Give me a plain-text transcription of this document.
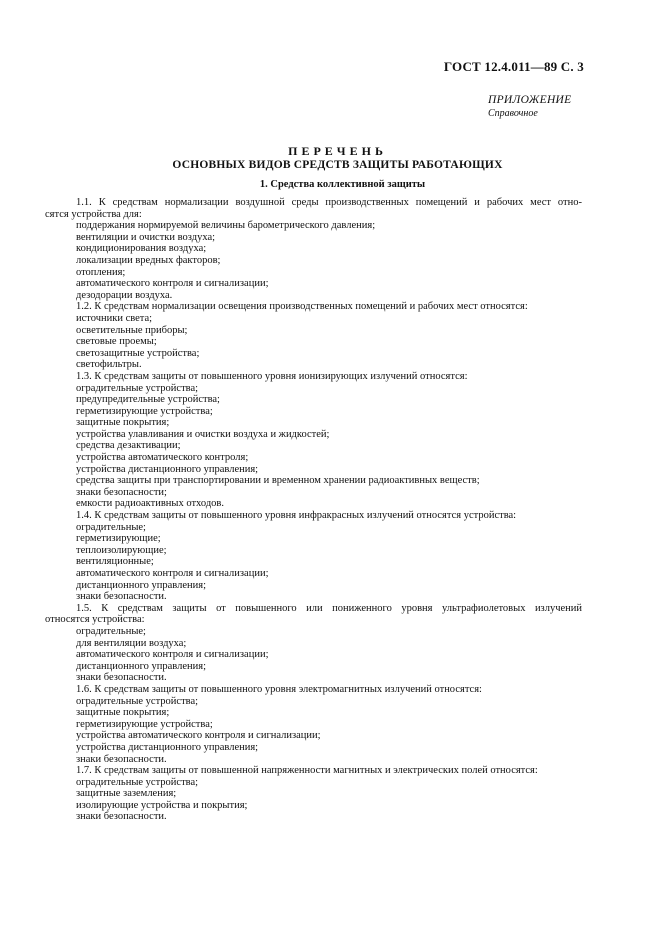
ГОСТ 12.4.011—89 С. 3
ПРИЛОЖЕНИЕ
Справочное
ПЕРЕЧЕНЬ
ОСНОВНЫХ ВИДОВ СРЕДСТВ ЗАЩИТЫ РАБОТАЮЩИХ
1. Средства коллективной защиты
1.1. К средствам нормализации воздушной среды производственных помещений и рабочих мест отно-
сятся устройства для:
поддержания нормируемой величины барометрического давления;
вентиляции и очистки воздуха;
кондиционирования воздуха;
локализации вредных факторов;
отопления;
автоматического контроля и сигнализации;
дезодорации воздуха.
1.2. К средствам нормализации освещения производственных помещений и рабочих мест относятся:
источники света;
осветительные приборы;
световые проемы;
светозащитные устройства;
светофильтры.
1.3. К средствам защиты от повышенного уровня ионизирующих излучений относятся:
оградительные устройства;
предупредительные устройства;
герметизирующие устройства;
защитные покрытия;
устройства улавливания и очистки воздуха и жидкостей;
средства дезактивации;
устройства автоматического контроля;
устройства дистанционного управления;
средства защиты при транспортировании и временном хранении радиоактивных веществ;
знаки безопасности;
емкости радиоактивных отходов.
1.4. К средствам защиты от повышенного уровня инфракрасных излучений относятся устройства:
оградительные;
герметизирующие;
теплоизолирующие;
вентиляционные;
автоматического контроля и сигнализации;
дистанционного управления;
знаки безопасности.
1.5. К средствам защиты от повышенного или пониженного уровня ультрафиолетовых излучений
относятся устройства:
оградительные;
для вентиляции воздуха;
автоматического контроля и сигнализации;
дистанционного управления;
знаки безопасности.
1.6. К средствам защиты от повышенного уровня электромагнитных излучений относятся:
оградительные устройства;
защитные покрытия;
герметизирующие устройства;
устройства автоматического контроля и сигнализации;
устройства дистанционного управления;
знаки безопасности.
1.7. К средствам защиты от повышенной напряженности магнитных и электрических полей относятся:
оградительные устройства;
защитные заземления;
изолирующие устройства и покрытия;
знаки безопасности.
